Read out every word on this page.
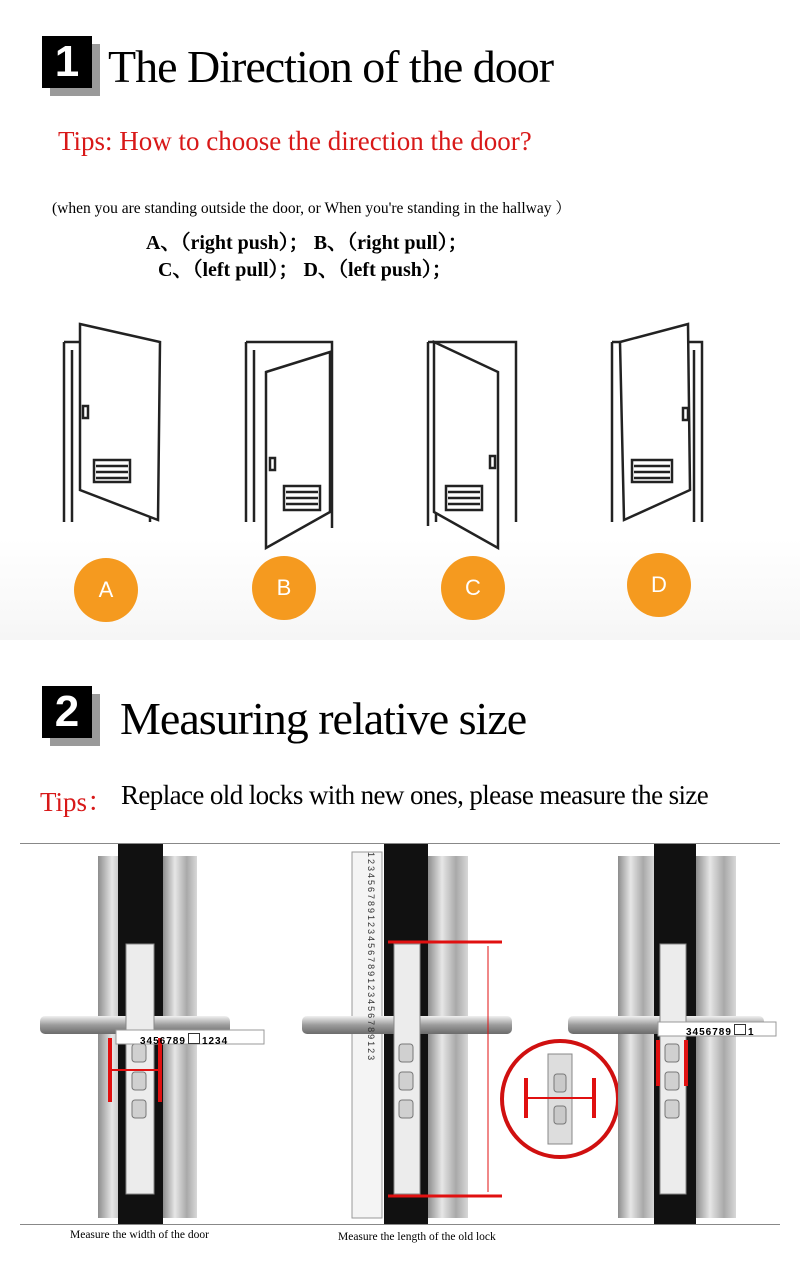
1 The Direction of the door
Tips: How to choose the direction the door?
(when you are standing outside the door, or When you're standing in the hallway ）
A、（right push）； B、（right pull）；
C、（left pull）； D、（left push）；
A	B	C	D
2 Measuring relative size
Tips： Replace old locks with new ones, please measure the size
3456789 1234
3456789 1
123456789123456789123456789123
Measure the width of the door	Measure the length of the old lock
